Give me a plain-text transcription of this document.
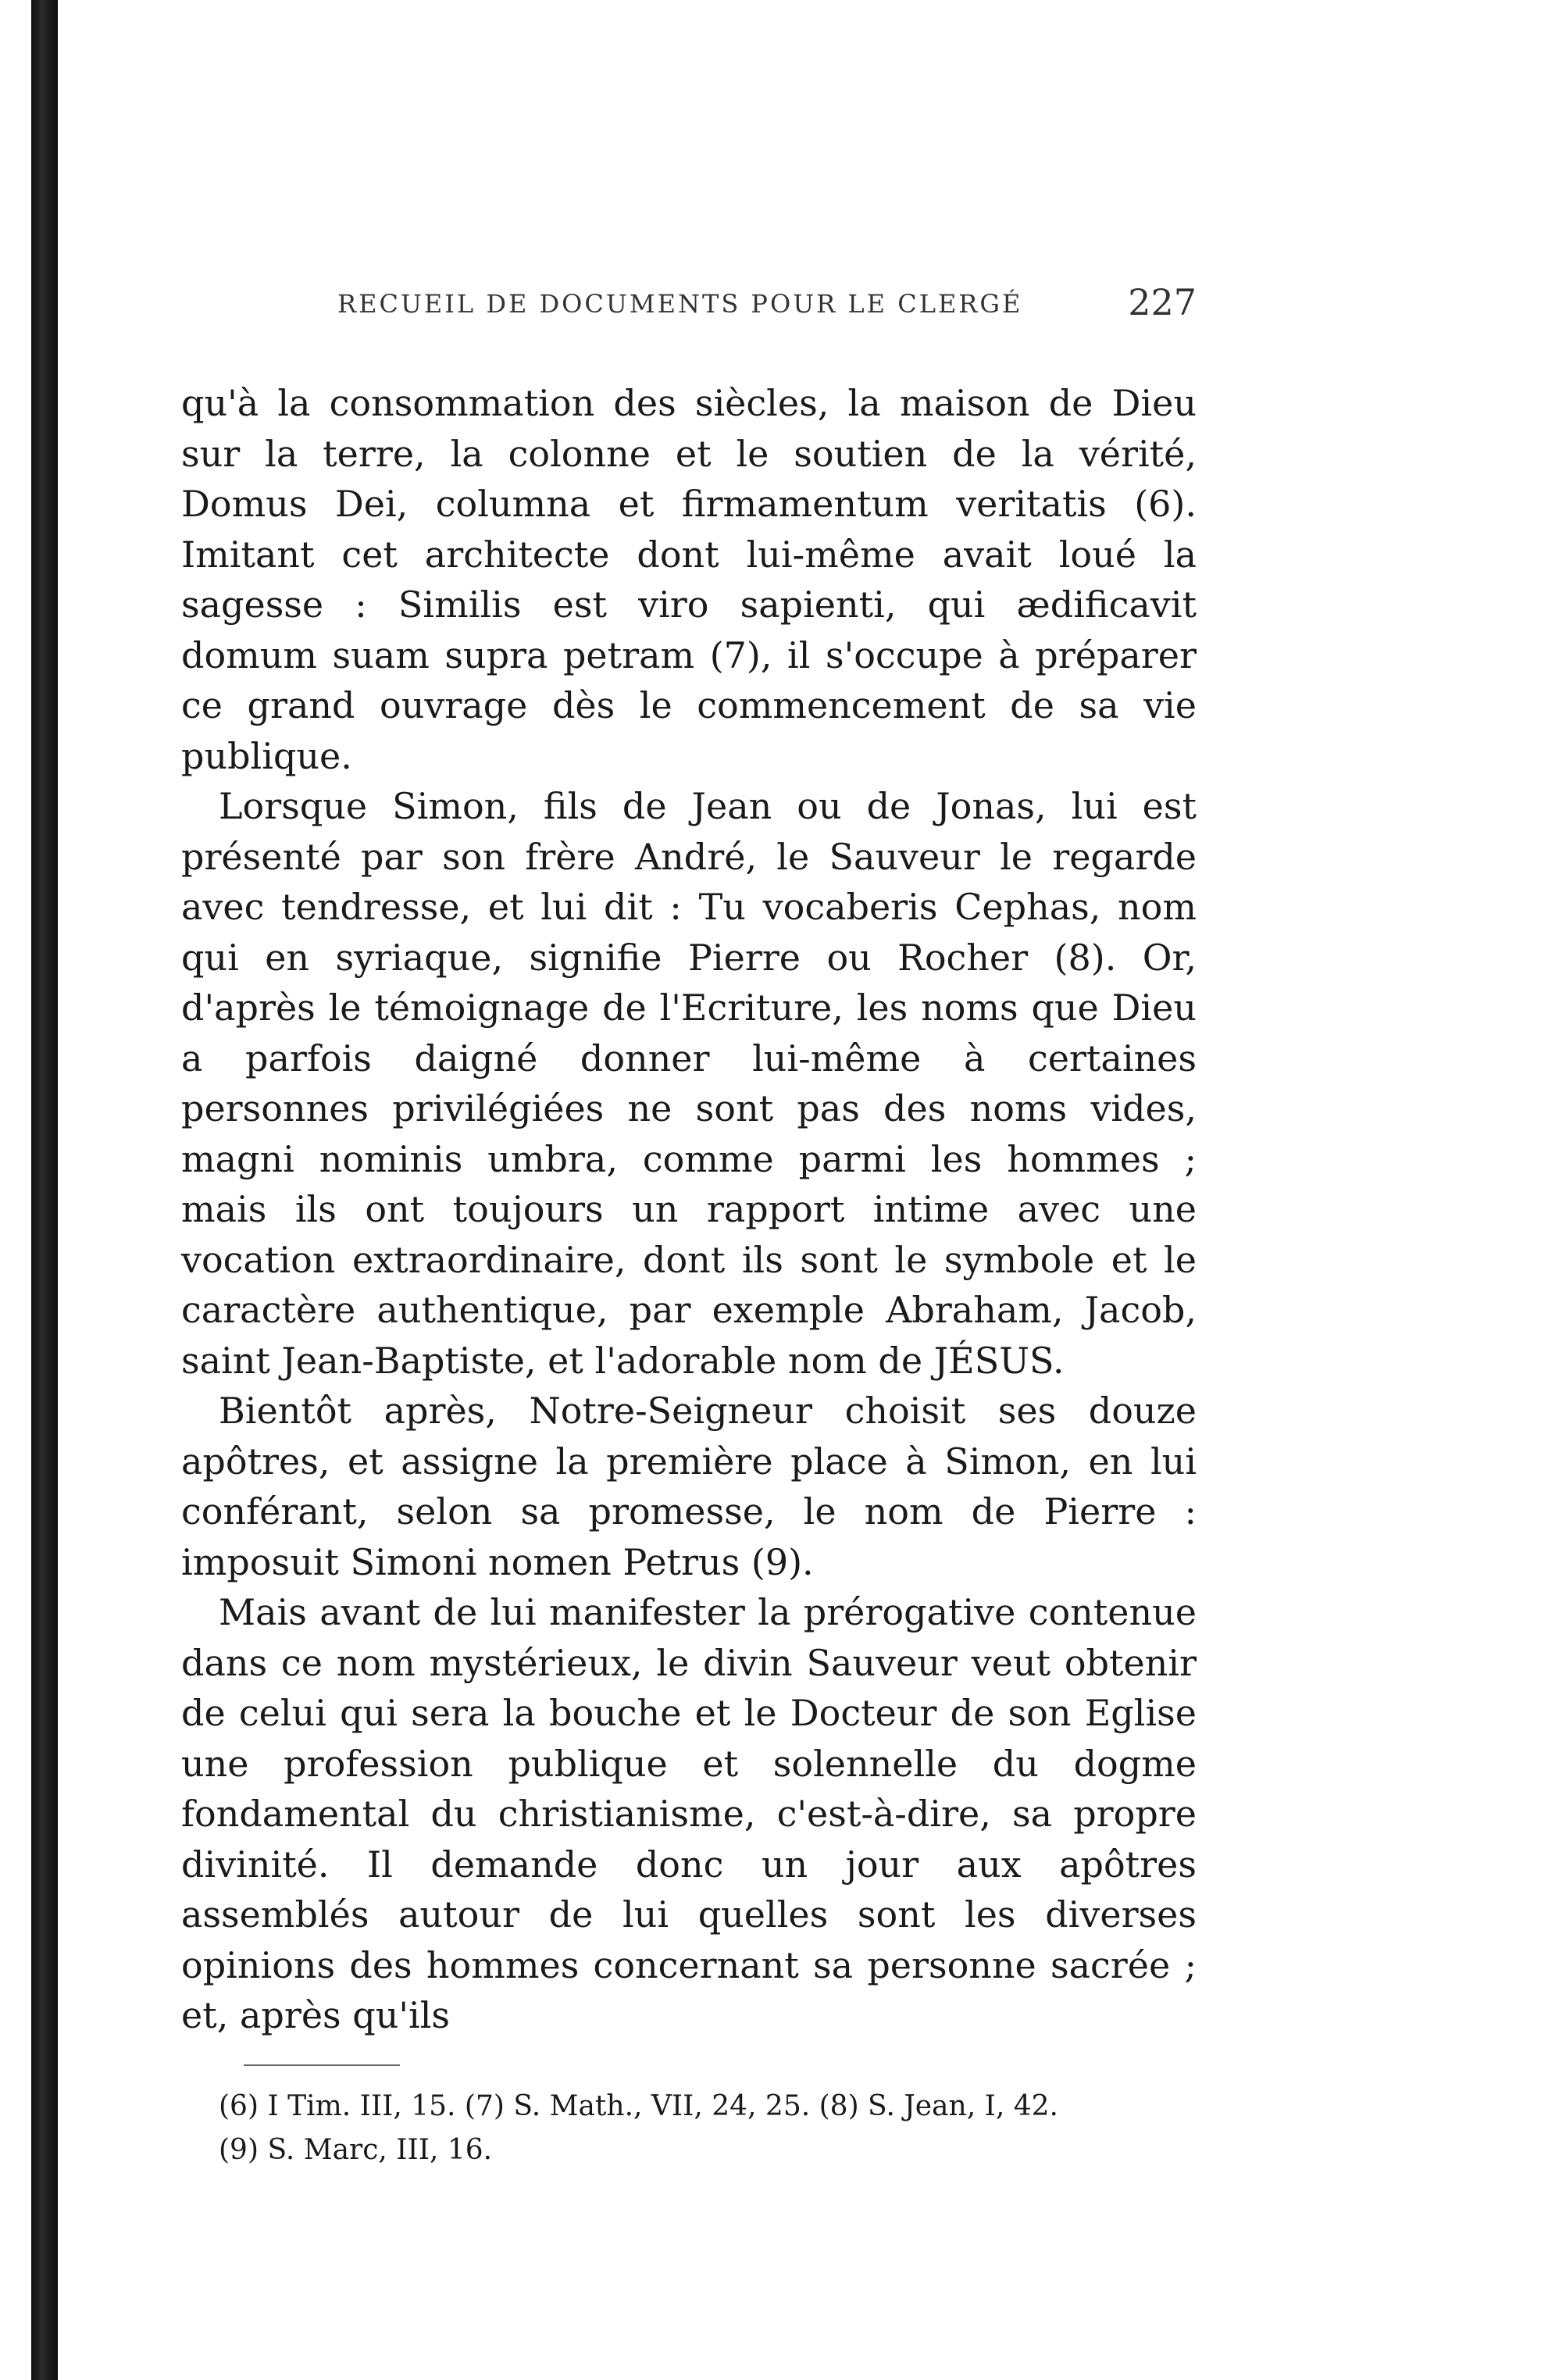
RECUEIL DE DOCUMENTS POUR LE CLERGÉ	227

qu'à la consommation des siècles, la maison de Dieu sur la terre, la colonne et le soutien de la vérité, Domus Dei, columna et firmamentum veritatis (6). Imitant cet architecte dont lui-même avait loué la sagesse : Similis est viro sapienti, qui ædificavit domum suam supra petram (7), il s'occupe à préparer ce grand ouvrage dès le commencement de sa vie publique.

Lorsque Simon, fils de Jean ou de Jonas, lui est présenté par son frère André, le Sauveur le regarde avec tendresse, et lui dit : Tu vocaberis Cephas, nom qui en syriaque, signifie Pierre ou Rocher (8). Or, d'après le témoignage de l'Ecriture, les noms que Dieu a parfois daigné donner lui-même à certaines personnes privilégiées ne sont pas des noms vides, magni nominis umbra, comme parmi les hommes ; mais ils ont toujours un rapport intime avec une vocation extraordinaire, dont ils sont le symbole et le caractère authentique, par exemple Abraham, Jacob, saint Jean-Baptiste, et l'adorable nom de JÉSUS.

Bientôt après, Notre-Seigneur choisit ses douze apôtres, et assigne la première place à Simon, en lui conférant, selon sa promesse, le nom de Pierre : imposuit Simoni nomen Petrus (9).

Mais avant de lui manifester la prérogative contenue dans ce nom mystérieux, le divin Sauveur veut obtenir de celui qui sera la bouche et le Docteur de son Eglise une profession publique et solennelle du dogme fondamental du christianisme, c'est-à-dire, sa propre divinité. Il demande donc un jour aux apôtres assemblés autour de lui quelles sont les diverses opinions des hommes concernant sa personne sacrée ; et, après qu'ils

(6) I Tim. III, 15. (7) S. Math., VII, 24, 25. (8) S. Jean, I, 42.
(9) S. Marc, III, 16.
